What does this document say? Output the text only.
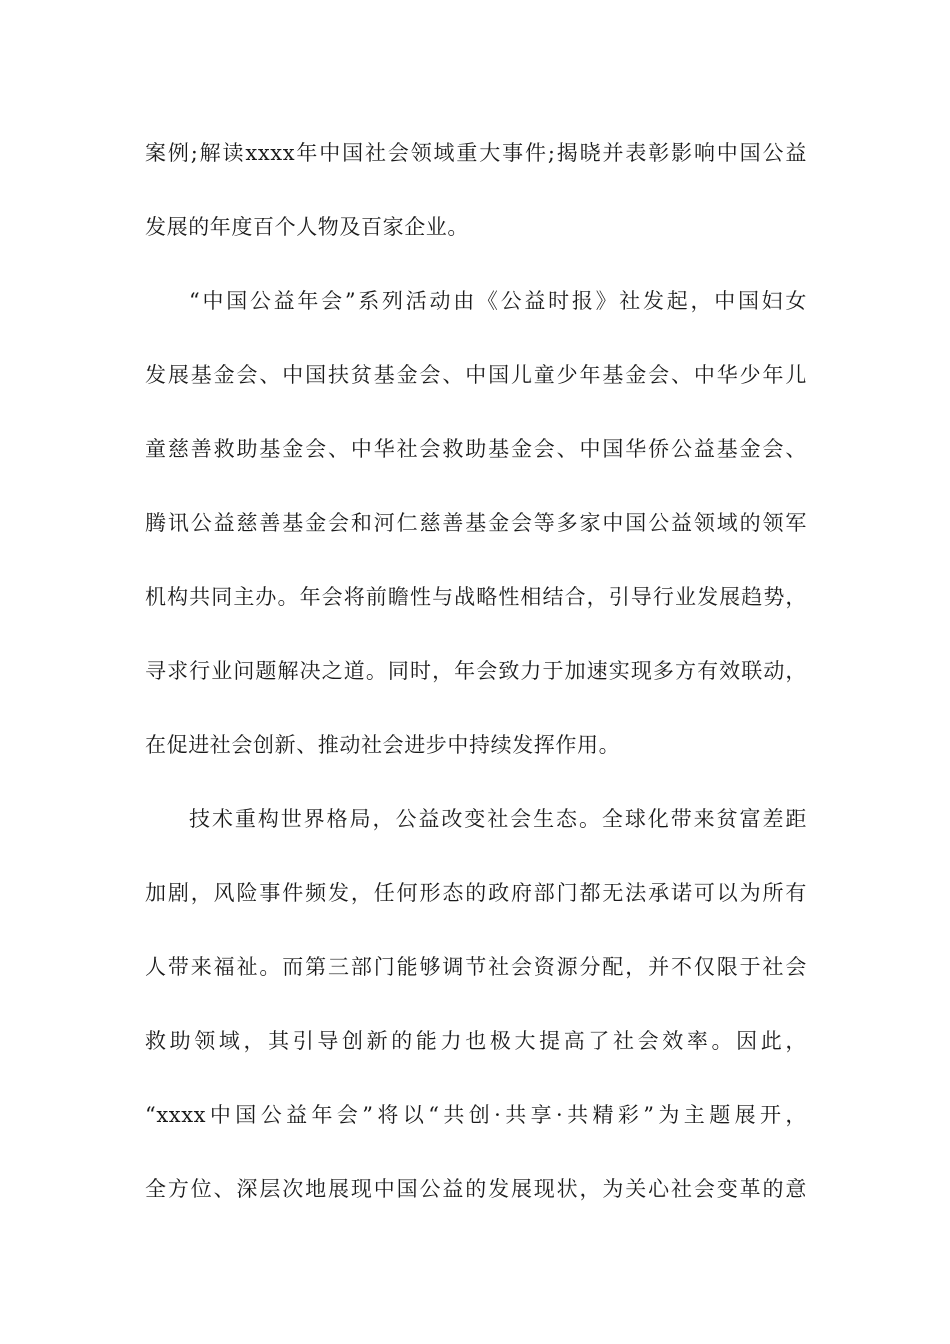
案例;解读xxxx年中国社会领域重大事件;揭晓并表彰影响中国公益
发展的年度百个人物及百家企业。
“中国公益年会”系列活动由《公益时报》社发起，中国妇女
发展基金会、中国扶贫基金会、中国儿童少年基金会、中华少年儿
童慈善救助基金会、中华社会救助基金会、中国华侨公益基金会、
腾讯公益慈善基金会和河仁慈善基金会等多家中国公益领域的领军
机构共同主办。年会将前瞻性与战略性相结合，引导行业发展趋势，
寻求行业问题解决之道。同时，年会致力于加速实现多方有效联动，
在促进社会创新、推动社会进步中持续发挥作用。
技术重构世界格局，公益改变社会生态。全球化带来贫富差距
加剧，风险事件频发，任何形态的政府部门都无法承诺可以为所有
人带来福祉。而第三部门能够调节社会资源分配，并不仅限于社会
救助领域，其引导创新的能力也极大提高了社会效率。因此，
“xxxx中国公益年会”将以“共创·共享·共精彩”为主题展开，
全方位、深层次地展现中国公益的发展现状，为关心社会变革的意
